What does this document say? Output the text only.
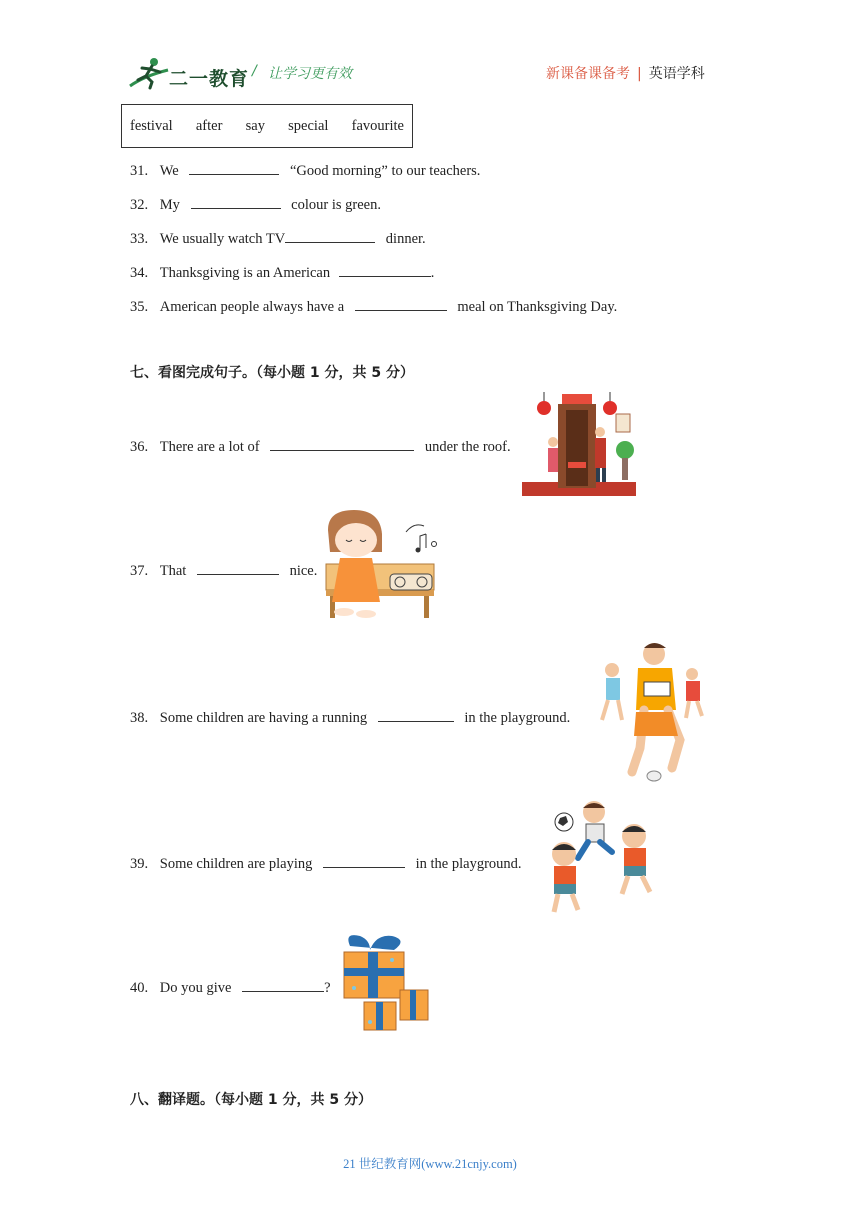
二一教育 / 让学习更有效	新课备课备考 | 英语学科
festival after say special favourite
31. We	“Good morning” to our teachers.
32. My	colour is green.
33. We usually watch TV	dinner.
34. Thanksgiving is an American	.
35. American people always have a	meal on Thanksgiving Day.
七、看图完成句子。（每小题 1 分，共 5 分）
36. There are a lot of	under the roof.
37. That	nice.
38. Some children are having a running	in the playground.
39. Some children are playing	in the playground.
40. Do you give	?
八、翻译题。（每小题 1 分，共 5 分）
21 世纪教育网(www.21cnjy.com)
